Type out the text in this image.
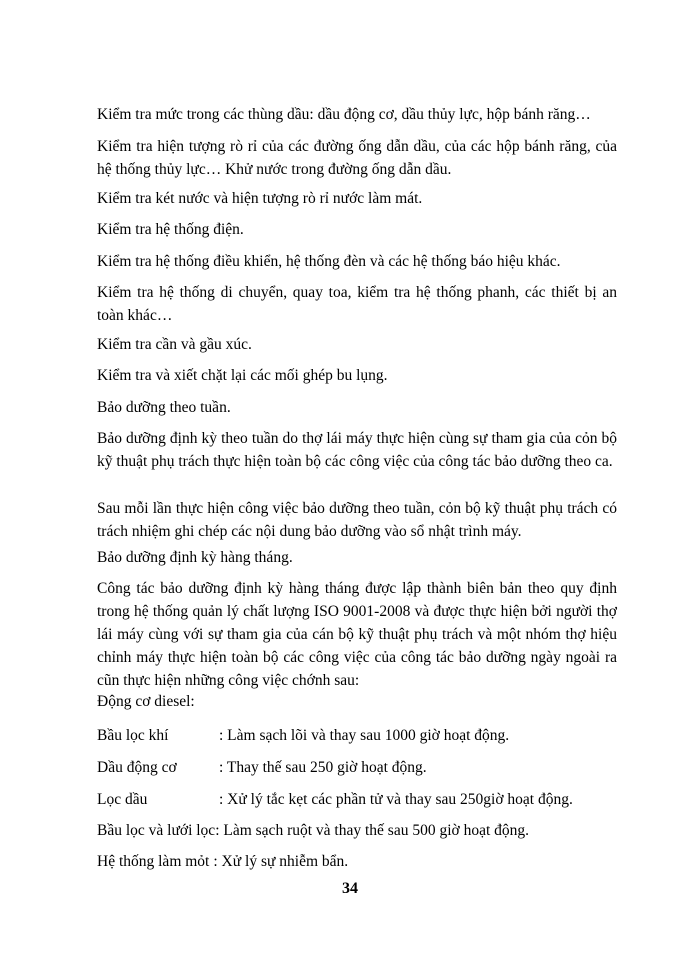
Kiểm tra mức trong các thùng dầu: dầu động cơ, dầu thủy lực, hộp bánh răng…

Kiểm tra hiện tượng rò rỉ của các đường ống dẫn dầu, của các hộp bánh răng, của hệ thống thủy lực… Khử nước trong đường ống dẫn dầu.

Kiểm tra két nước và hiện tượng rò rỉ nước làm mát.

Kiểm tra hệ thống điện.

Kiểm tra hệ thống điều khiển, hệ thống đèn và các hệ thống báo hiệu khác.

Kiểm tra hệ thống di chuyển, quay toa, kiểm tra hệ thống phanh, các thiết bị an toàn khác…

Kiểm tra cần và gầu xúc.

Kiểm tra và xiết chặt lại các mối ghép bu lụng.

Bảo dưỡng theo tuần.

Bảo dưỡng định kỳ theo tuần do thợ lái máy thực hiện cùng sự tham gia của cỏn bộ kỹ thuật phụ trách thực hiện toàn bộ các công việc của công tác bảo dưỡng theo ca.

Sau mỗi lần thực hiện công việc bảo dưỡng theo tuần, cỏn bộ kỹ thuật phụ trách có trách nhiệm ghi chép các nội dung bảo dưỡng vào sổ nhật trình máy.

Bảo dưỡng định kỳ hàng tháng.

Công tác bảo dưỡng định kỳ hàng tháng được lập thành biên bản theo quy định trong hệ thống quản lý chất lượng ISO 9001-2008 và được thực hiện bởi người thợ lái máy cùng với sự tham gia của cán bộ kỹ thuật phụ trách và một nhóm thợ hiệu chỉnh máy thực hiện toàn bộ các công việc của công tác bảo dưỡng ngày ngoài ra cũn thực hiện những công việc chớnh sau:

Động cơ diesel:

Bầu lọc khí	: Làm sạch lõi và thay sau 1000 giờ hoạt động.
Dầu động cơ	: Thay thế sau 250 giờ hoạt động.
Lọc dầu	: Xử lý tắc kẹt các phần tử và thay sau 250giờ hoạt động.
Bầu lọc và lưới lọc: Làm sạch ruột và thay thế sau 500 giờ hoạt động.
Hệ thống làm mỏt : Xử lý sự nhiễm bẩn.
34
